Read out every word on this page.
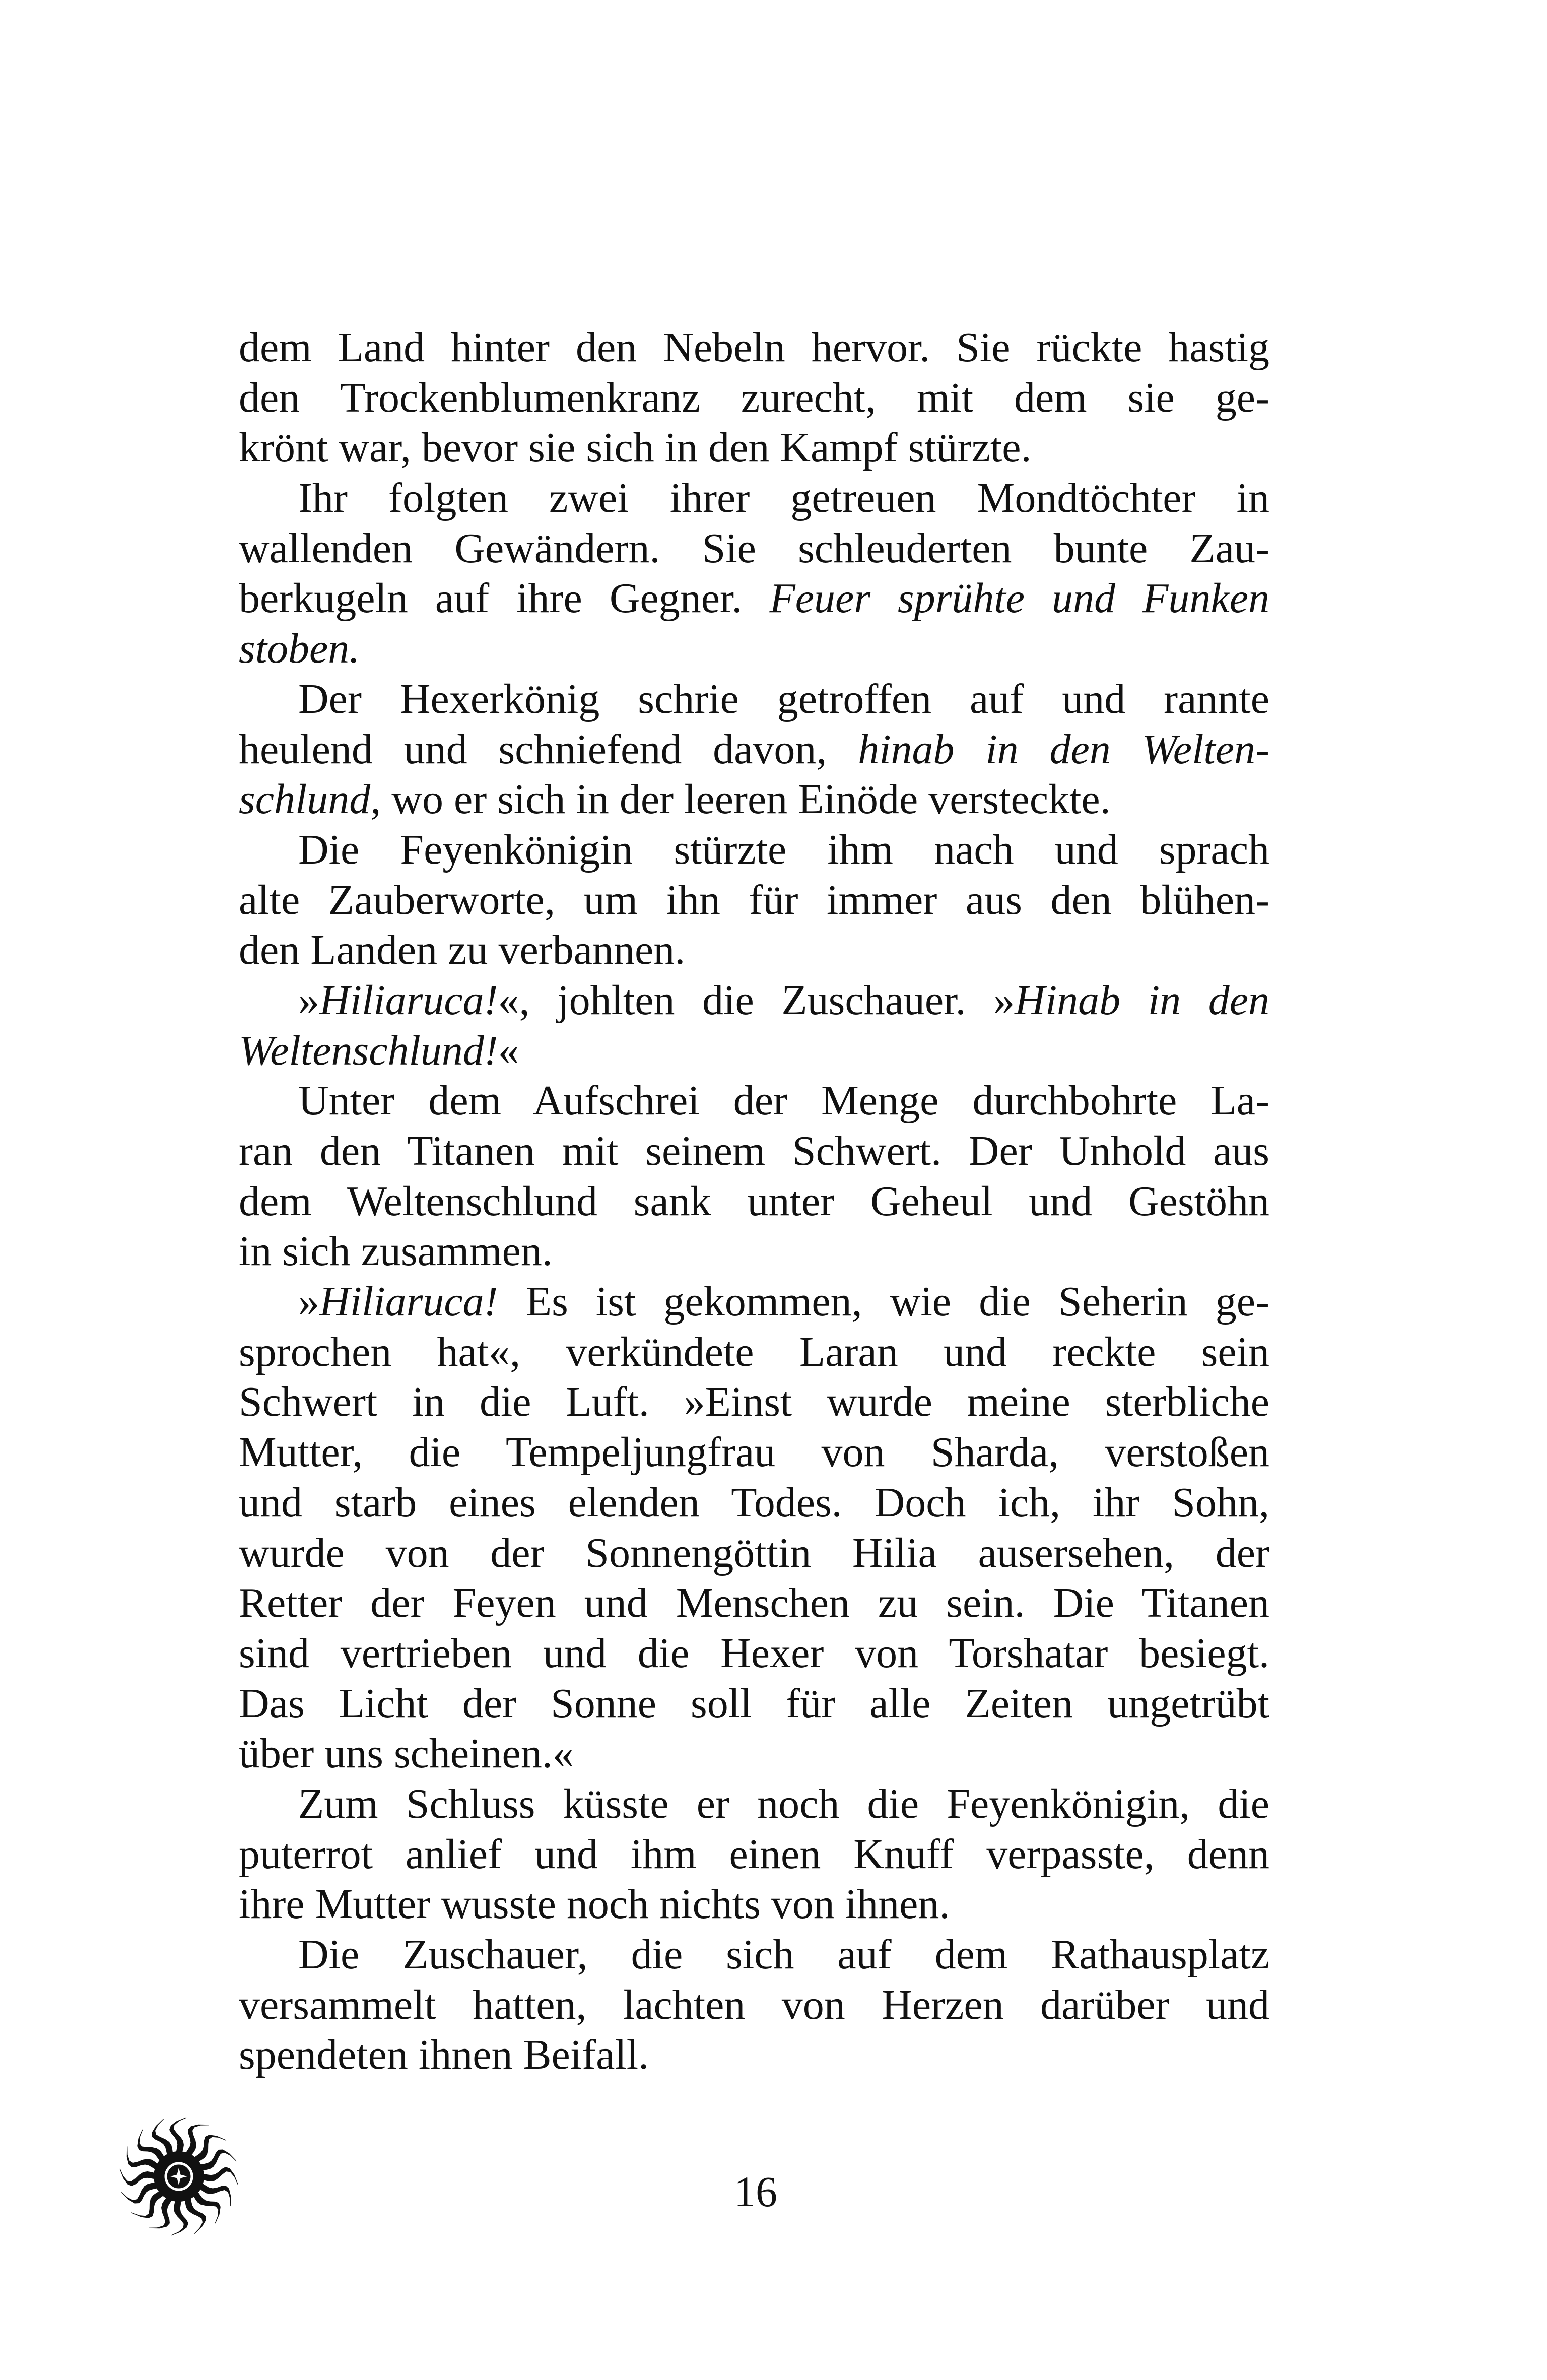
dem Land hinter den Nebeln hervor. Sie rückte hastig
den Trockenblumenkranz zurecht, mit dem sie ge-
krönt war, bevor sie sich in den Kampf stürzte.
Ihr folgten zwei ihrer getreuen Mondtöchter in
wallenden Gewändern. Sie schleuderten bunte Zau-
berkugeln auf ihre Gegner. Feuer sprühte und Funken
stoben.
Der Hexerkönig schrie getroffen auf und rannte
heulend und schniefend davon, hinab in den Welten-
schlund, wo er sich in der leeren Einöde versteckte.
Die Feyenkönigin stürzte ihm nach und sprach
alte Zauberworte, um ihn für immer aus den blühen-
den Landen zu verbannen.
»Hiliaruca!«, johlten die Zuschauer. »Hinab in den
Weltenschlund!«
Unter dem Aufschrei der Menge durchbohrte La-
ran den Titanen mit seinem Schwert. Der Unhold aus
dem Weltenschlund sank unter Geheul und Gestöhn
in sich zusammen.
»Hiliaruca! Es ist gekommen, wie die Seherin ge-
sprochen hat«, verkündete Laran und reckte sein
Schwert in die Luft. »Einst wurde meine sterbliche
Mutter, die Tempeljungfrau von Sharda, verstoßen
und starb eines elenden Todes. Doch ich, ihr Sohn,
wurde von der Sonnengöttin Hilia ausersehen, der
Retter der Feyen und Menschen zu sein. Die Titanen
sind vertrieben und die Hexer von Torshatar besiegt.
Das Licht der Sonne soll für alle Zeiten ungetrübt
über uns scheinen.«
Zum Schluss küsste er noch die Feyenkönigin, die
puterrot anlief und ihm einen Knuff verpasste, denn
ihre Mutter wusste noch nichts von ihnen.
Die Zuschauer, die sich auf dem Rathausplatz
versammelt hatten, lachten von Herzen darüber und
spendeten ihnen Beifall.
16
